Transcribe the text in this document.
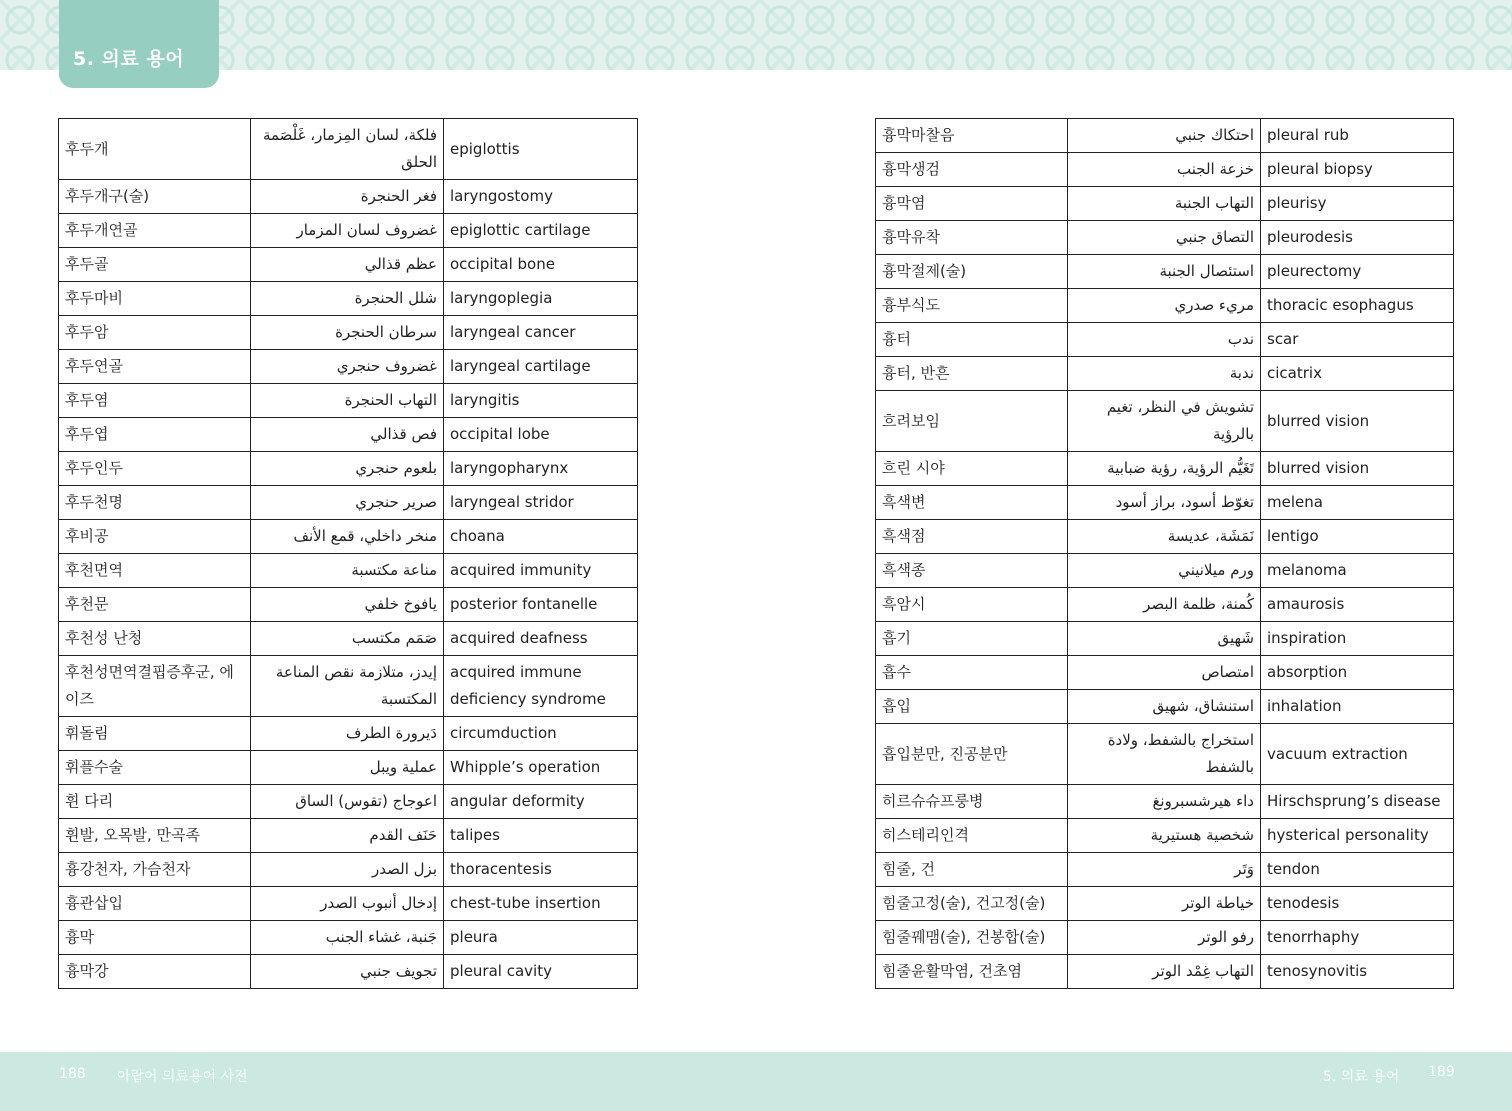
5. 의료 용어
후두개	فلكة، لسان المِزمار، غَلْصَمة الحلق	epiglottis
후두개구(술)	فغر الحنجرة	laryngostomy
후두개연골	غضروف لسان المزمار	epiglottic cartilage
후두골	عظم قذالي	occipital bone
후두마비	شلل الحنجرة	laryngoplegia
후두암	سرطان الحنجرة	laryngeal cancer
후두연골	غضروف حنجري	laryngeal cartilage
후두염	التهاب الحنجرة	laryngitis
후두엽	فص قذالي	occipital lobe
후두인두	بلعوم حنجري	laryngopharynx
후두천명	صرير حنجري	laryngeal stridor
후비공	منخر داخلي، قمع الأنف	choana
후천면역	مناعة مكتسبة	acquired immunity
후천문	يافوخ خلفي	posterior fontanelle
후천성 난청	صَمَم مكتسب	acquired deafness
후천성면역결핍증후군, 에이즈	إيدز، متلازمة نقص المناعة المكتسبة	acquired immune deficiency syndrome
휘돌림	دَيرورة الطرف	circumduction
휘플수술	عملية ويبل	Whipple’s operation
휜 다리	اعوجاج (تقوس) الساق	angular deformity
휜발, 오목발, 만곡족	حَنَف القدم	talipes
흉강천자, 가슴천자	بزل الصدر	thoracentesis
흉관삽입	إدخال أنبوب الصدر	chest-tube insertion
흉막	جَنبة، غشاء الجنب	pleura
흉막강	تجويف جنبي	pleural cavity
흉막마찰음	احتكاك جنبي	pleural rub
흉막생검	خزعة الجنب	pleural biopsy
흉막염	التهاب الجنبة	pleurisy
흉막유착	التصاق جنبي	pleurodesis
흉막절제(술)	استئصال الجنبة	pleurectomy
흉부식도	مريء صدري	thoracic esophagus
흉터	ندب	scar
흉터, 반흔	ندبة	cicatrix
흐려보임	تشويش في النظر، تغيم بالرؤية	blurred vision
흐린 시야	تَغَيُّم الرؤية، رؤية ضبابية	blurred vision
흑색변	تغوّط أسود، براز أسود	melena
흑색점	نَمَشَة، عديسة	lentigo
흑색종	ورم ميلانيني	melanoma
흑암시	كُمنة، ظلمة البصر	amaurosis
흡기	شَهيق	inspiration
흡수	امتصاص	absorption
흡입	استنشاق، شهيق	inhalation
흡입분만, 진공분만	استخراج بالشفط، ولادة بالشفط	vacuum extraction
히르슈슈프룽병	داء هيرشسبرونغ	Hirschsprung’s disease
히스테리인격	شخصية هستيرية	hysterical personality
힘줄, 건	وَتَر	tendon
힘줄고정(술), 건고정(술)	خياطة الوتر	tenodesis
힘줄꿰맴(술), 건봉합(술)	رفو الوتر	tenorrhaphy
힘줄윤활막염, 건초염	التهاب غِمْد الوتر	tenosynovitis
188 아랍어 의료용어 사전	5. 의료 용어 189
